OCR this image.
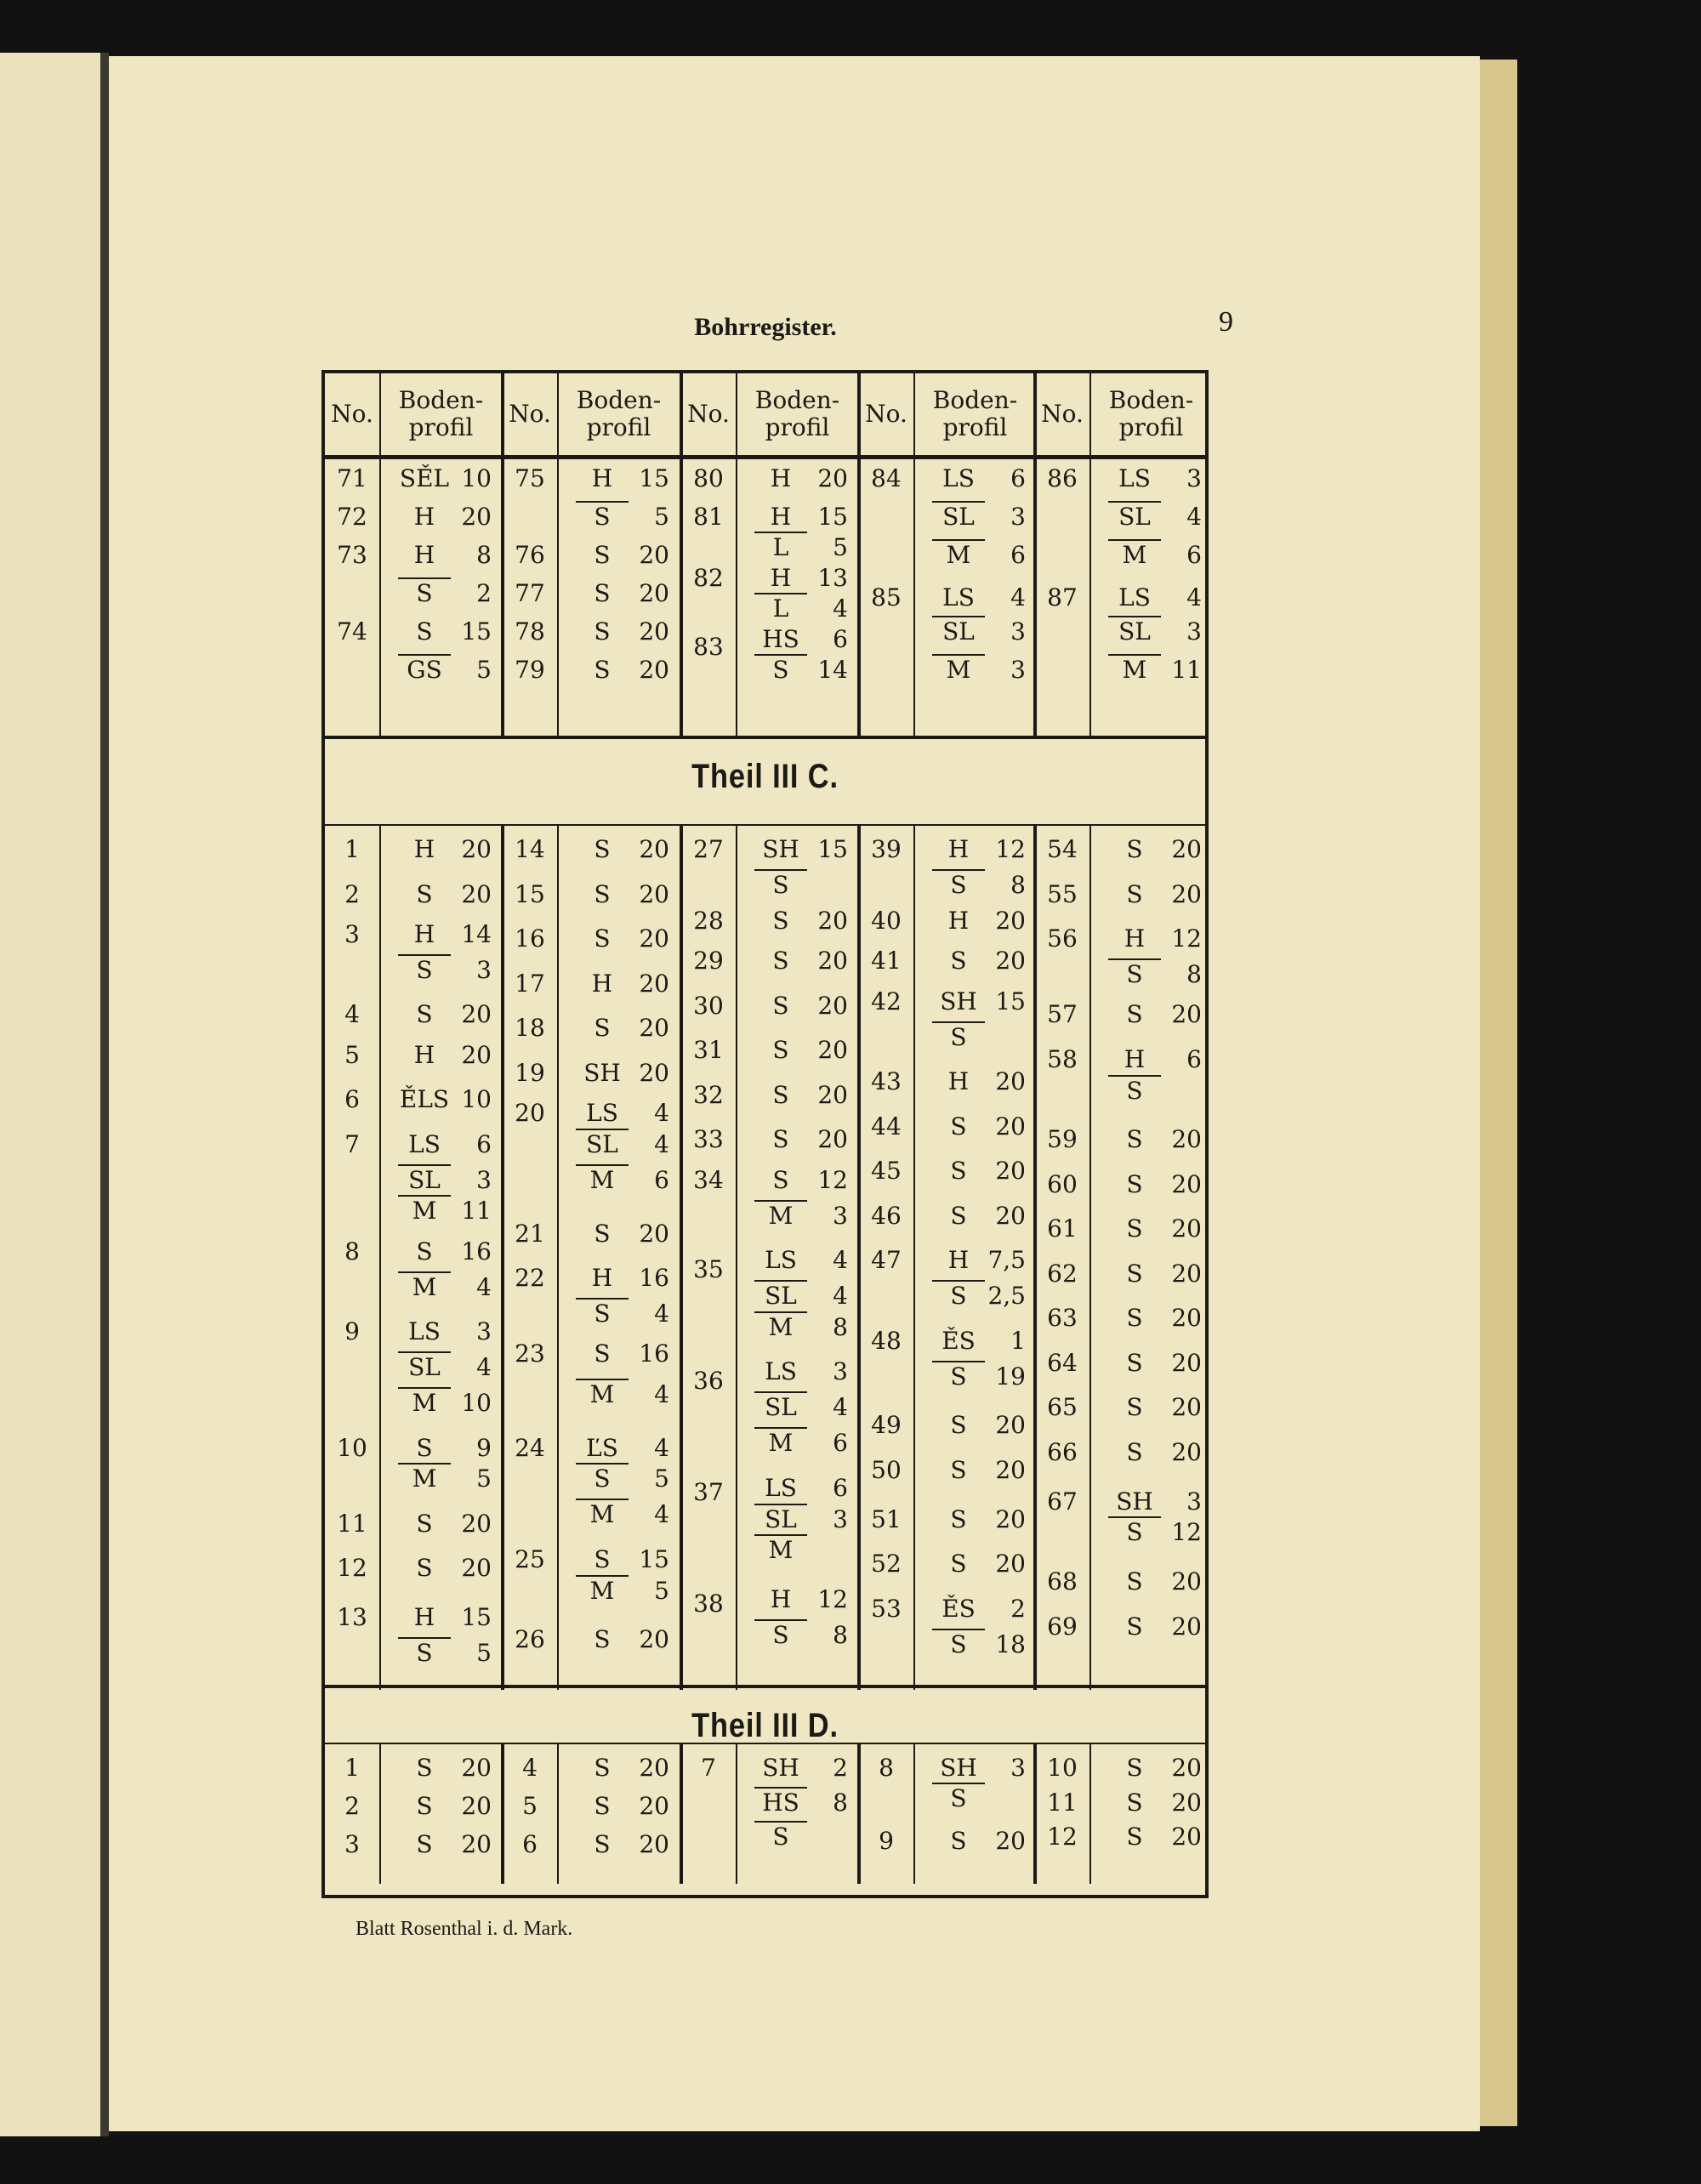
Bohrregister.	9
No. Boden-
profil No. Boden-
profil No. Boden-
profil No. Boden-
profil No. Boden-
profil
71
72
73
74
SĚL 10
H 20
H 8
S 2
S 15
GS 5
75
76
77
78
79
H 15
S 5
S 20
S 20
S 20
S 20
80
81
82
83
H 20
H 15
L 5
H 13
L 4
HS 6
S 14
84
85
LS 6
SL 3
M 6
LS 4
SL 3
M 3
86
87
LS 3
SL 4
M 6
LS 4
SL 3
M 11
Theil III C.
1
2
3
4
5
6
7
8
9
10
11
12
13
H 20
S 20
H 14
S 3
S 20
H 20
ĚLS 10
LS 6
SL 3
M 11
S 16
M 4
LS 3
SL 4
M 10
S 9
M 5
S 20
S 20
H 15
S 5
14
15
16
17
18
19
20
21
22
23
24
25
26
S 20
S 20
S 20
H 20
S 20
SH 20
LS 4
SL 4
M 6
S 20
H 16
S 4
S 16
M 4
ĽS 4
S 5
M 4
S 15
M 5
S 20
27
28
29
30
31
32
33
34
35
36
37
38
SH 15
S
S 20
S 20
S 20
S 20
S 20
S 20
S 12
M 3
LS 4
SL 4
M 8
LS 3
SL 4
M 6
LS 6
SL 3
M
H 12
S 8
39
40
41
42
43
44
45
46
47
48
49
50
51
52
53
H 12
S 8
H 20
S 20
SH 15
S
H 20
S 20
S 20
S 20
H 7,5
S 2,5
ĚS 1
S 19
S 20
S 20
S 20
S 20
ĚS 2
S 18
54
55
56
57
58
59
60
61
62
63
64
65
66
67
68
69
S 20
S 20
H 12
S 8
S 20
H 6
S
S 20
S 20
S 20
S 20
S 20
S 20
S 20
S 20
SH 3
S 12
S 20
S 20
Theil III D.
1
2
3
S 20
S 20
S 20
4
5
6
S 20
S 20
S 20
7	SH 2
HS 8
S
8
9
SH 3
S
S 20
10
11
12
S 20
S 20
S 20
Blatt Rosenthal i. d. Mark.
